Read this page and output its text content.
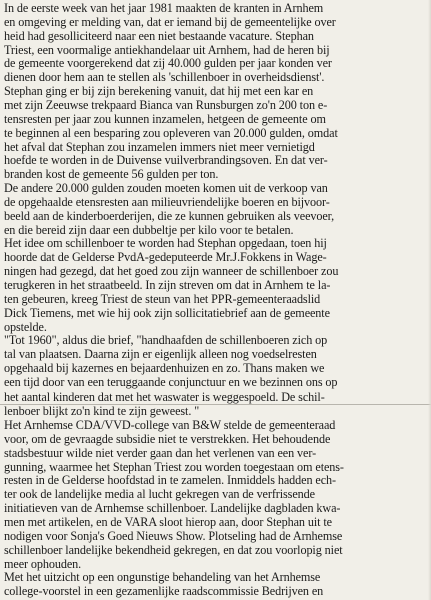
In de eerste week van het jaar 1981 maakten de kranten in Arnhem
en omgeving er melding van, dat er iemand bij de gemeentelijke over
heid had gesolliciteerd naar een niet bestaande vacature. Stephan
Triest, een voormalige antiekhandelaar uit Arnhem, had de heren bij
de gemeente voorgerekend dat zij 40.000 gulden per jaar konden ver
dienen door hem aan te stellen als 'schillenboer in overheidsdienst'.
Stephan ging er bij zijn berekening vanuit, dat hij met een kar en
met zijn Zeeuwse trekpaard Bianca van Runsburgen zo'n 200 ton e-
tensresten per jaar zou kunnen inzamelen, hetgeen de gemeente om
te beginnen al een besparing zou opleveren van 20.000 gulden, omdat
het afval dat Stephan zou inzamelen immers niet meer vernietigd
hoefde te worden in de Duivense vuilverbrandingsoven. En dat ver-
branden kost de gemeente 56 gulden per ton.
De andere 20.000 gulden zouden moeten komen uit de verkoop van
de opgehaalde etensresten aan milieuvriendelijke boeren en bijvoor-
beeld aan de kinderboerderijen, die ze kunnen gebruiken als veevoer,
en die bereid zijn daar een dubbeltje per kilo voor te betalen.
Het idee om schillenboer te worden had Stephan opgedaan, toen hij
hoorde dat de Gelderse PvdA-gedeputeerde Mr.J.Fokkens in Wage-
ningen had gezegd, dat het goed zou zijn wanneer de schillenboer zou
terugkeren in het straatbeeld. In zijn streven om dat in Arnhem te la-
ten gebeuren, kreeg Triest de steun van het PPR-gemeenteraadslid
Dick Tiemens, met wie hij ook zijn sollicitatiebrief aan de gemeente
opstelde.
"Tot 1960", aldus die brief, "handhaafden de schillenboeren zich op
tal van plaatsen. Daarna zijn er eigenlijk alleen nog voedselresten
opgehaald bij kazernes en bejaardenhuizen en zo. Thans maken we
een tijd door van een teruggaande conjunctuur en we bezinnen ons op
het aantal kinderen dat met het waswater is weggespoeld. De schil-
lenboer blijkt zo'n kind te zijn geweest. "
Het Arnhemse CDA/VVD-college van B&W stelde de gemeenteraad
voor, om de gevraagde subsidie niet te verstrekken. Het behoudende
stadsbestuur wilde niet verder gaan dan het verlenen van een ver-
gunning, waarmee het Stephan Triest zou worden toegestaan om etens-
resten in de Gelderse hoofdstad in te zamelen. Inmiddels hadden ech-
ter ook de landelijke media al lucht gekregen van de verfrissende
initiatieven van de Arnhemse schillenboer. Landelijke dagbladen kwa-
men met artikelen, en de VARA sloot hierop aan, door Stephan uit te
nodigen voor Sonja's Goed Nieuws Show. Plotseling had de Arnhemse
schillenboer landelijke bekendheid gekregen, en dat zou voorlopig niet
meer ophouden.
Met het uitzicht op een ongunstige behandeling van het Arnhemse
college-voorstel in een gezamenlijke raadscommissie Bedrijven en
